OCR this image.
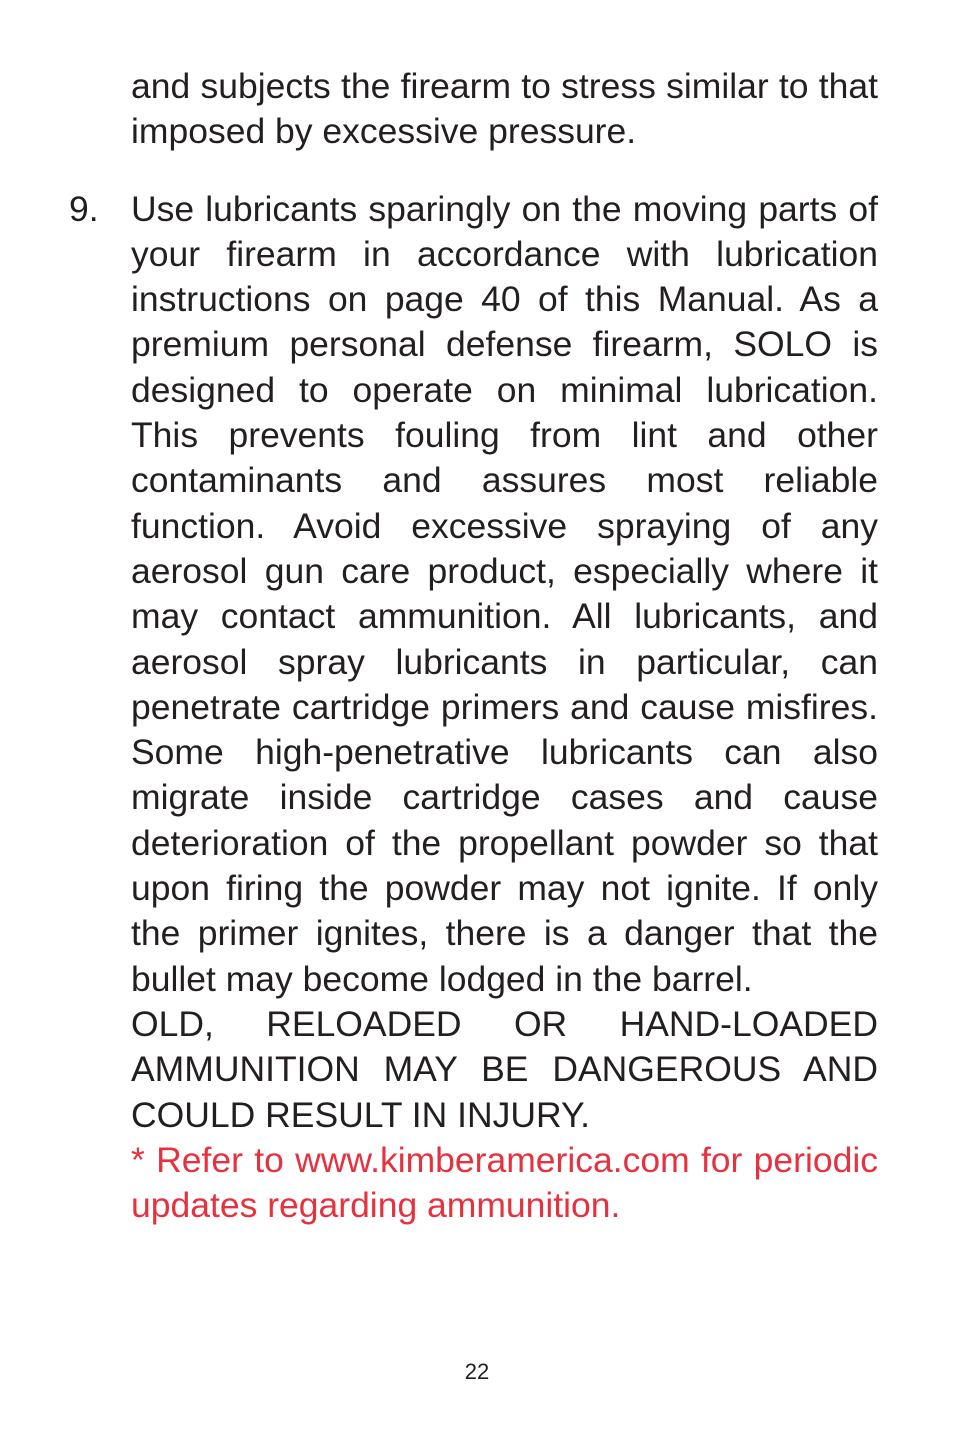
and subjects the firearm to stress similar to that imposed by excessive pressure.

9. Use lubricants sparingly on the moving parts of your firearm in accordance with lubrication instructions on page 40 of this Manual. As a premium personal defense firearm, SOLO is designed to operate on minimal lubrication. This prevents fouling from lint and other contaminants and assures most reliable function. Avoid excessive spraying of any aerosol gun care product, especially where it may contact ammunition. All lubricants, and aerosol spray lubricants in particular, can penetrate cartridge primers and cause misfires. Some high-penetrative lubricants can also migrate inside cartridge cases and cause deterioration of the propellant powder so that upon firing the powder may not ignite. If only the primer ignites, there is a danger that the bullet may become lodged in the barrel.

OLD, RELOADED OR HAND-LOADED AMMUNITION MAY BE DANGEROUS AND COULD RESULT IN INJURY.

* Refer to www.kimberamerica.com for periodic updates regarding ammunition.

22
